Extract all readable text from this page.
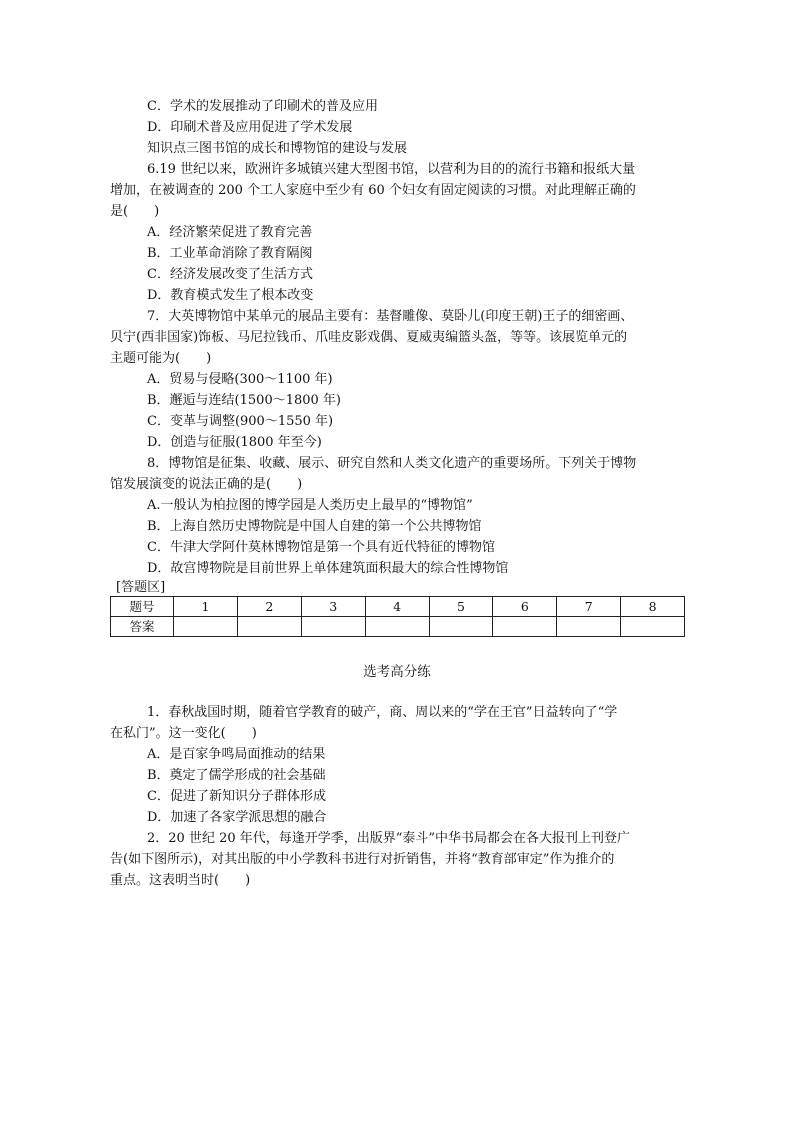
C．学术的发展推动了印刷术的普及应用
D．印刷术普及应用促进了学术发展
知识点三图书馆的成长和博物馆的建设与发展
6.19 世纪以来，欧洲许多城镇兴建大型图书馆，以营利为目的的流行书籍和报纸大量
增加，在被调查的 200 个工人家庭中至少有 60 个妇女有固定阅读的习惯。对此理解正确的
是(　　)
A．经济繁荣促进了教育完善
B．工业革命消除了教育隔阂
C．经济发展改变了生活方式
D．教育模式发生了根本改变
7．大英博物馆中某单元的展品主要有：基督雕像、莫卧儿(印度王朝)王子的细密画、
贝宁(西非国家)饰板、马尼拉钱币、爪哇皮影戏偶、夏威夷编篮头盔，等等。该展览单元的
主题可能为(　　)
A．贸易与侵略(300～1100 年)
B．邂逅与连结(1500～1800 年)
C．变革与调整(900～1550 年)
D．创造与征服(1800 年至今)
8．博物馆是征集、收藏、展示、研究自然和人类文化遗产的重要场所。下列关于博物
馆发展演变的说法正确的是(　　)
A.一般认为柏拉图的博学园是人类历史上最早的“博物馆”
B．上海自然历史博物院是中国人自建的第一个公共博物馆
C．牛津大学阿什莫林博物馆是第一个具有近代特征的博物馆
D．故宫博物院是目前世界上单体建筑面积最大的综合性博物馆
[答题区]
题号	1	2	3	4	5	6	7	8
答案								
选考高分练
1．春秋战国时期，随着官学教育的破产，商、周以来的“学在王官”日益转向了“学
在私门”。这一变化(　　)
A．是百家争鸣局面推动的结果
B．奠定了儒学形成的社会基础
C．促进了新知识分子群体形成
D．加速了各家学派思想的融合
2．20 世纪 20 年代，每逢开学季，出版界“泰斗”中华书局都会在各大报刊上刊登广
告(如下图所示)，对其出版的中小学教科书进行对折销售，并将“教育部审定”作为推介的
重点。这表明当时(　　)
